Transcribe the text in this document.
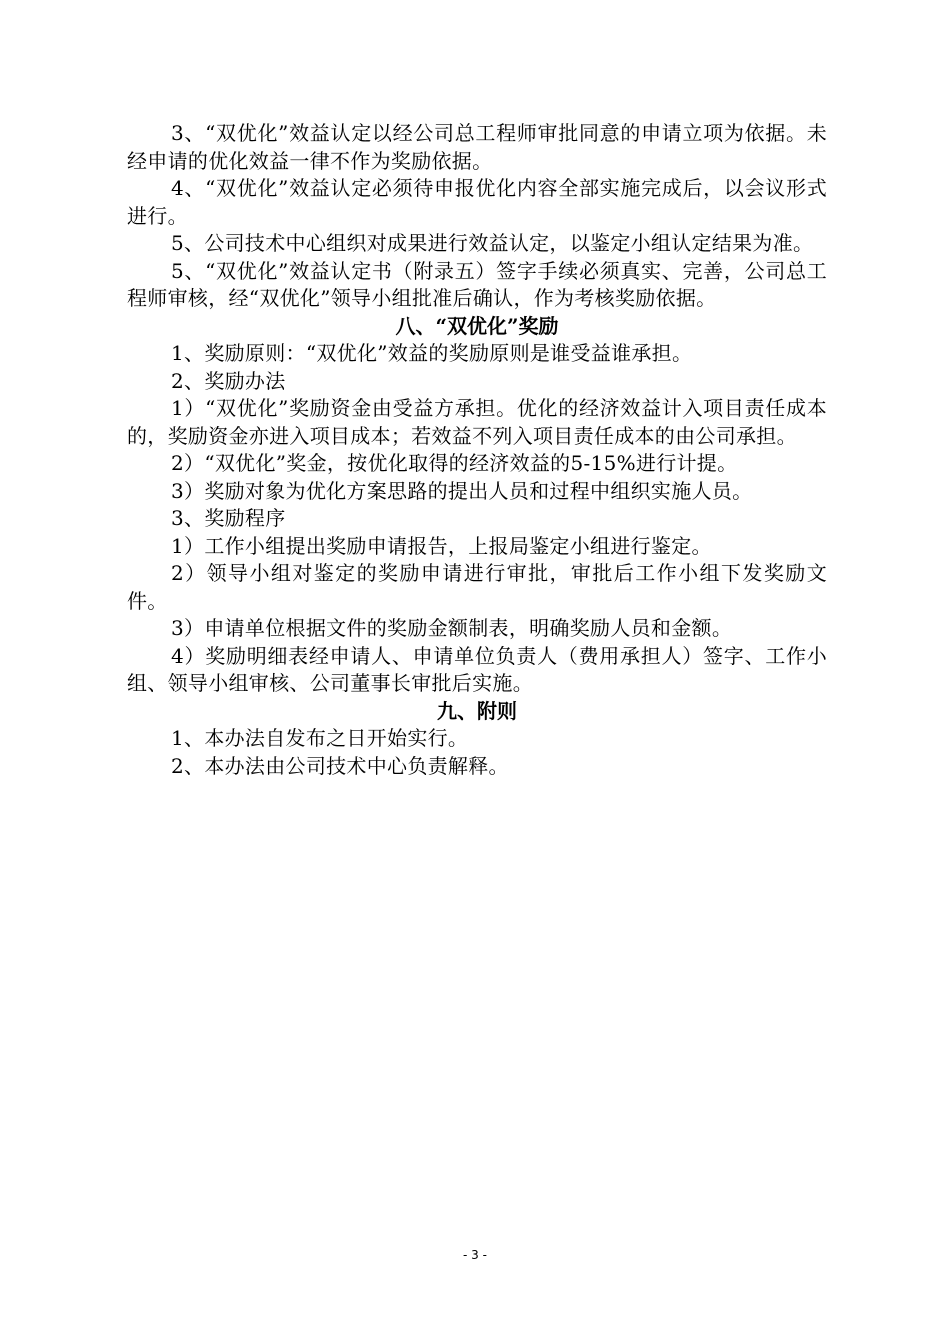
3、“双优化”效益认定以经公司总工程师审批同意的申请立项为依据。未经申请的优化效益一律不作为奖励依据。

4、“双优化”效益认定必须待申报优化内容全部实施完成后，以会议形式进行。

5、公司技术中心组织对成果进行效益认定，以鉴定小组认定结果为准。

5、“双优化”效益认定书（附录五）签字手续必须真实、完善，公司总工程师审核，经“双优化”领导小组批准后确认，作为考核奖励依据。

八、“双优化”奖励

1、奖励原则：“双优化”效益的奖励原则是谁受益谁承担。

2、奖励办法

1）“双优化”奖励资金由受益方承担。优化的经济效益计入项目责任成本的，奖励资金亦进入项目成本；若效益不列入项目责任成本的由公司承担。

2）“双优化”奖金，按优化取得的经济效益的5-15%进行计提。

3）奖励对象为优化方案思路的提出人员和过程中组织实施人员。

3、奖励程序

1）工作小组提出奖励申请报告，上报局鉴定小组进行鉴定。

2）领导小组对鉴定的奖励申请进行审批，审批后工作小组下发奖励文件。

3）申请单位根据文件的奖励金额制表，明确奖励人员和金额。

4）奖励明细表经申请人、申请单位负责人（费用承担人）签字、工作小组、领导小组审核、公司董事长审批后实施。

九、附则

1、本办法自发布之日开始实行。

2、本办法由公司技术中心负责解释。

- 3 -
